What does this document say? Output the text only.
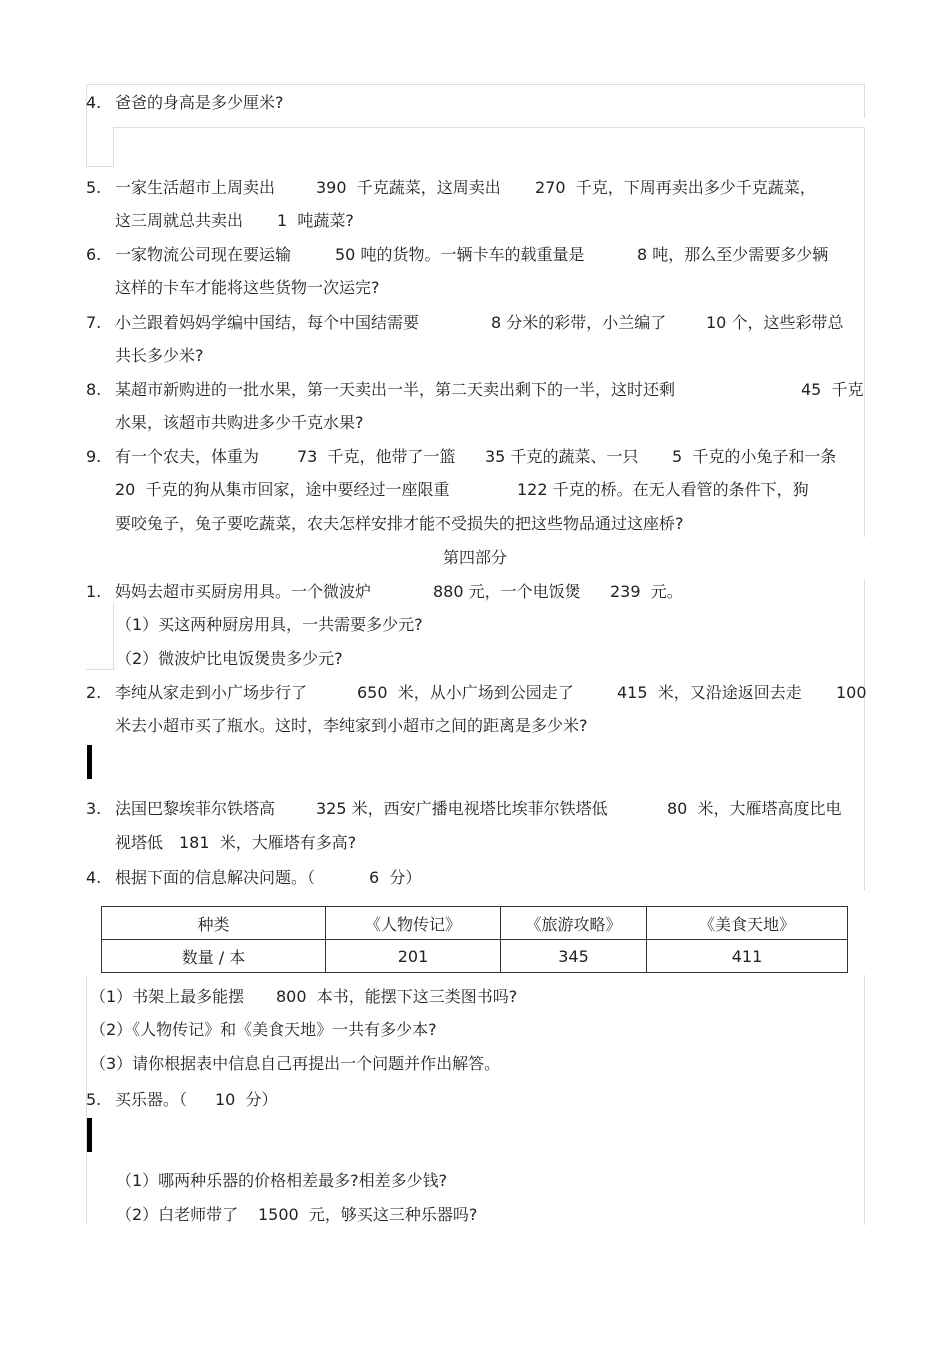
4. 爸爸的身高是多少厘米?
5. 一家生活超市上周卖出	390  千克蔬菜，这周卖出 270  千克，下周再卖出多少千克蔬菜，
这三周就总共卖出 1  吨蔬菜?
6. 一家物流公司现在要运输	50 吨的货物。一辆卡车的载重量是	8 吨，那么至少需要多少辆
这样的卡车才能将这些货物一次运完?
7. 小兰跟着妈妈学编中国结，每个中国结需要	8 分米的彩带，小兰编了 10 个，这些彩带总
共长多少米?
8. 某超市新购进的一批水果，第一天卖出一半，第二天卖出剩下的一半，这时还剩	45  千克
水果，该超市共购进多少千克水果?
9. 有一个农夫，体重为 73  千克，他带了一篮 35 千克的蔬菜、一只 5  千克的小兔子和一条
20  千克的狗从集市回家，途中要经过一座限重	122 千克的桥。在无人看管的条件下，狗
要咬兔子，兔子要吃蔬菜，农夫怎样安排才能不受损失的把这些物品通过这座桥?
第四部分
1. 妈妈去超市买厨房用具。一个微波炉	880 元，一个电饭煲 239  元。
（1）买这两种厨房用具，一共需要多少元?
（2）微波炉比电饭煲贵多少元?
2. 李纯从家走到小广场步行了	650  米，从小广场到公园走了	415  米，又沿途返回去走 100
米去小超市买了瓶水。这时，李纯家到小超市之间的距离是多少米?
3. 法国巴黎埃菲尔铁塔高	325 米，西安广播电视塔比埃菲尔铁塔低	80  米，大雁塔高度比电
视塔低 181  米，大雁塔有多高?
4. 根据下面的信息解决问题。（	6  分）
种类	《人物传记》	《旅游攻略》	《美食天地》
数量 / 本	201	345	411
（1）书架上最多能摆 800  本书，能摆下这三类图书吗?
（2）《人物传记》和《美食天地》一共有多少本?
（3）请你根据表中信息自己再提出一个问题并作出解答。
5. 买乐器。（ 10  分）
（1）哪两种乐器的价格相差最多?相差多少钱?
（2）白老师带了 1500  元，够买这三种乐器吗?
